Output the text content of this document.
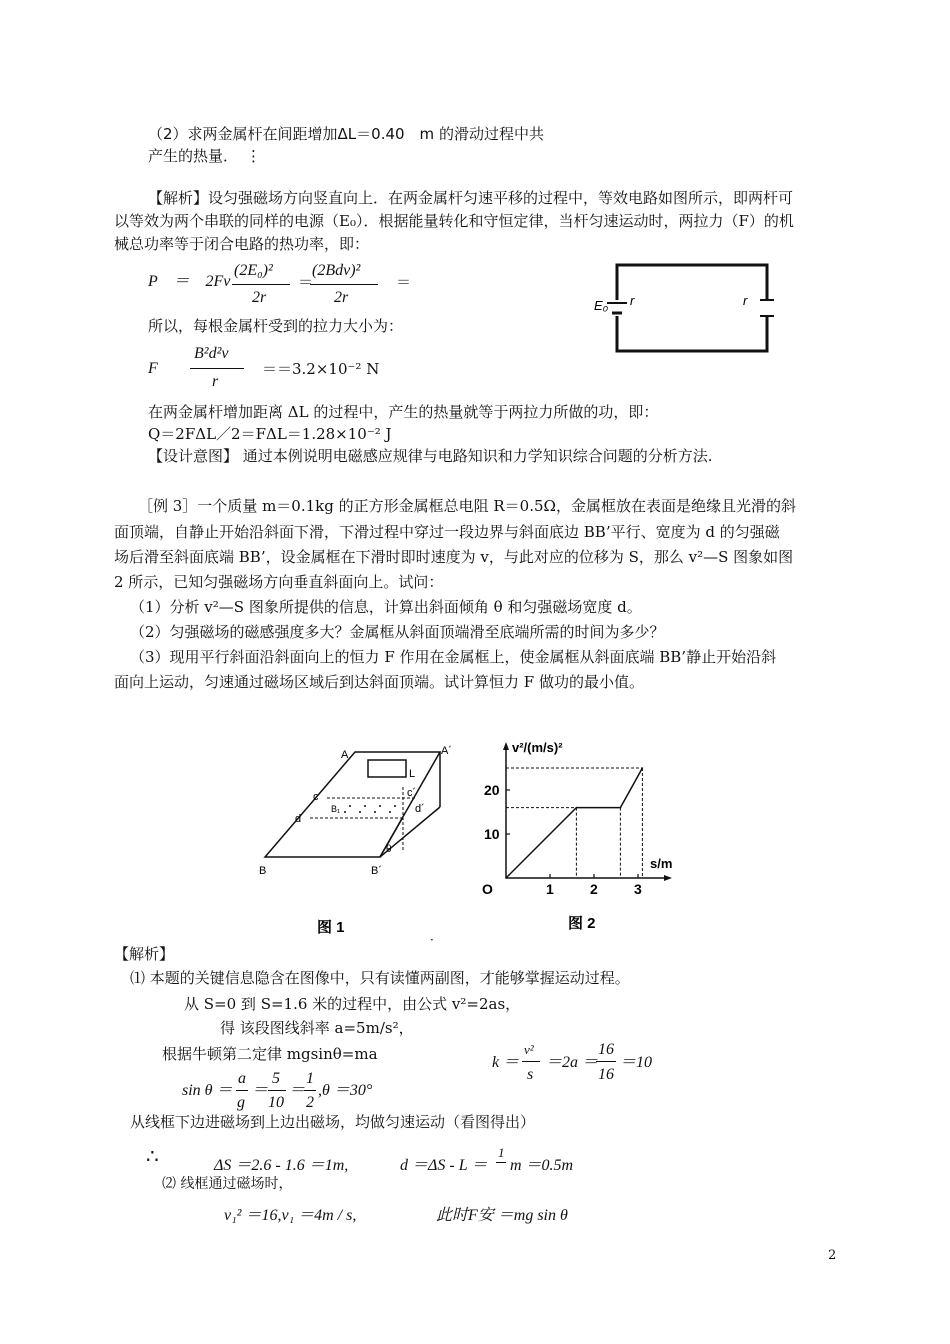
（2）求两金属杆在间距增加ΔL＝0.40　m 的滑动过程中共
产生的热量． ⋮
【解析】设匀强磁场方向竖直向上．在两金属杆匀速平移的过程中，等效电路如图所示，即两杆可
以等效为两个串联的同样的电源（E₀）．根据能量转化和守恒定律，当杆匀速运动时，两拉力（F）的机
械总功率等于闭合电路的热功率，即：
P　＝　2Fv
(2E₀)²
2r
＝
(2Bdv)²
2r
＝
所以，每根金属杆受到的拉力大小为：
F
B²d²v
r
＝＝3.2×10⁻² N
E₀ r	r
在两金属杆增加距离 ΔL 的过程中，产生的热量就等于两拉力所做的功，即：
Q＝2FΔL／2＝FΔL＝1.28×10⁻² J
【设计意图】 通过本例说明电磁感应规律与电路知识和力学知识综合问题的分析方法.
［例 3］一个质量 m＝0.1kg 的正方形金属框总电阻 R＝0.5Ω，金属框放在表面是绝缘且光滑的斜
面顶端，自静止开始沿斜面下滑，下滑过程中穿过一段边界与斜面底边 BB’平行、宽度为 d 的匀强磁
场后滑至斜面底端 BB’，设金属框在下滑时即时速度为 v，与此对应的位移为 S，那么 v²—S 图象如图
2 所示，已知匀强磁场方向垂直斜面向上。试问：
（1）分析 v²—S 图象所提供的信息，计算出斜面倾角 θ 和匀强磁场宽度 d。
（2）匀强磁场的磁感强度多大？金属框从斜面顶端滑至底端所需的时间为多少？
（3）现用平行斜面沿斜面向上的恒力 F 作用在金属框上，使金属框从斜面底端 BB’静止开始沿斜
面向上运动，匀速通过磁场区域后到达斜面顶端。试计算恒力 F 做功的最小值。
A	A´
L
c	c´
d
d´
B₁
θ
B	B´
图 1
v²/(m/s)²
s/m
O	1	2	3
10
20
图 2
·
【解析】
⑴ 本题的关键信息隐含在图像中，只有读懂两副图，才能够掌握运动过程。
从 S=0 到 S=1.6 米的过程中，由公式 v²=2as，
得 该段图线斜率 a=5m/s²，
根据牛顿第二定律 mgsinθ=ma	k ＝
v²
s
＝2a ＝
16
16
＝10
sin θ ＝
a
g
＝
5
10
＝
1
2
,θ ＝30°
从线框下边进磁场到上边出磁场，均做匀速运动（看图得出）
∴	ΔS ＝2.6 - 1.6 ＝1m,	d ＝ΔS - L ＝
1
m ＝0.5m
⑵ 线框通过磁场时，
v₁² ＝16,v₁ ＝4m / s,	此时F安 ＝mg sin θ
2
